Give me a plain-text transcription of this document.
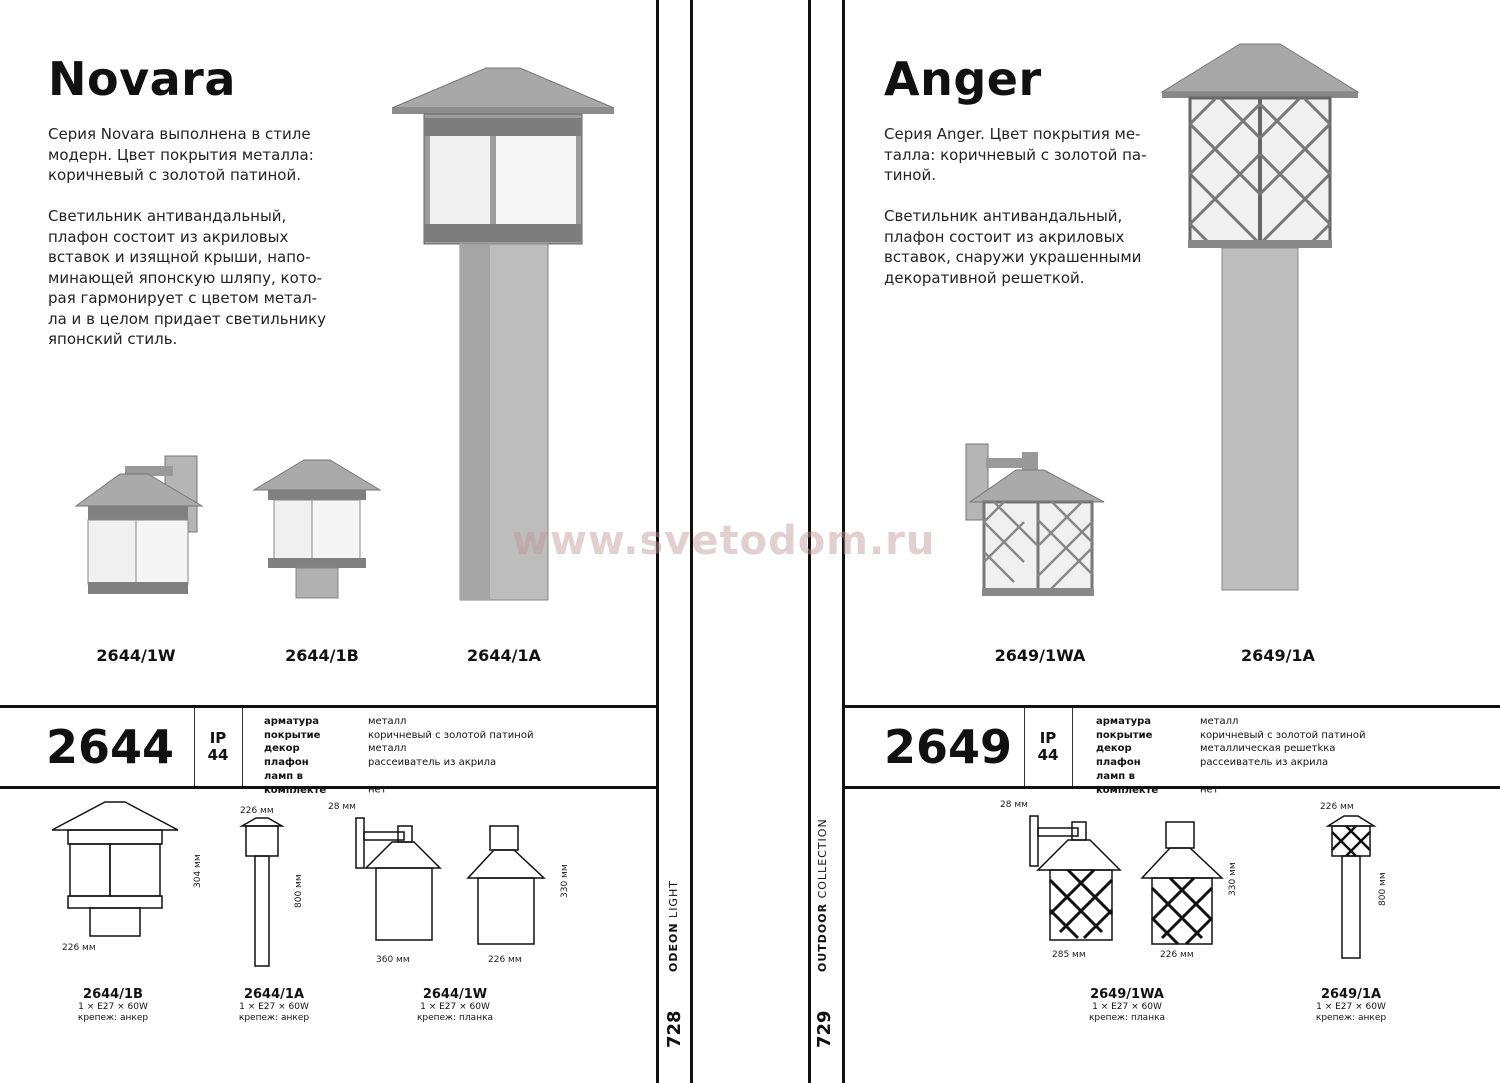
Novara
Серия Novara выполнена в стиле
модерн. Цвет покрытия металла:
коричневый с золотой патиной.

Светильник антивандальный,
плафон состоит из акриловых
вставок и изящной крыши, напо-
минающей японскую шляпу, кото-
рая гармонирует с цветом метал-
ла и в целом придает светильнику
японский стиль.
2644/1W	2644/1B	2644/1A
2644	IP
44
арматура	металл
покрытие	коричневый с золотой патиной
декор	металл
плафон	рассеиватель из акрила
ламп в комплекте	нет
226 мм
304 мм
226 мм
800 мм
28 мм
360 мм	226 мм
330 мм
2644/1B
1 × E27 × 60W
крепеж: анкер
2644/1A
1 × E27 × 60W
крепеж: анкер
2644/1W
1 × E27 × 60W
крепеж: планка
ODEON LIGHT
728
OUTDOOR COLLECTION
729
Anger
Серия Anger. Цвет покрытия ме-
талла: коричневый с золотой па-
тиной.

Светильник антивандальный,
плафон состоит из акриловых
вставок, снаружи украшенными
декоративной решеткой.
2649/1WA	2649/1A
2649	IP
44
арматура	металл
покрытие	коричневый с золотой патиной
декор	металлическая решетkка
плафон	рассеиватель из акрила
ламп в комплекте	нет
28 мм
285 мм	226 мм
330 мм
226 мм
800 мм
2649/1WA
1 × E27 × 60W
крепеж: планка
2649/1A
1 × E27 × 60W
крепеж: анкер
www.svetodom.ru
